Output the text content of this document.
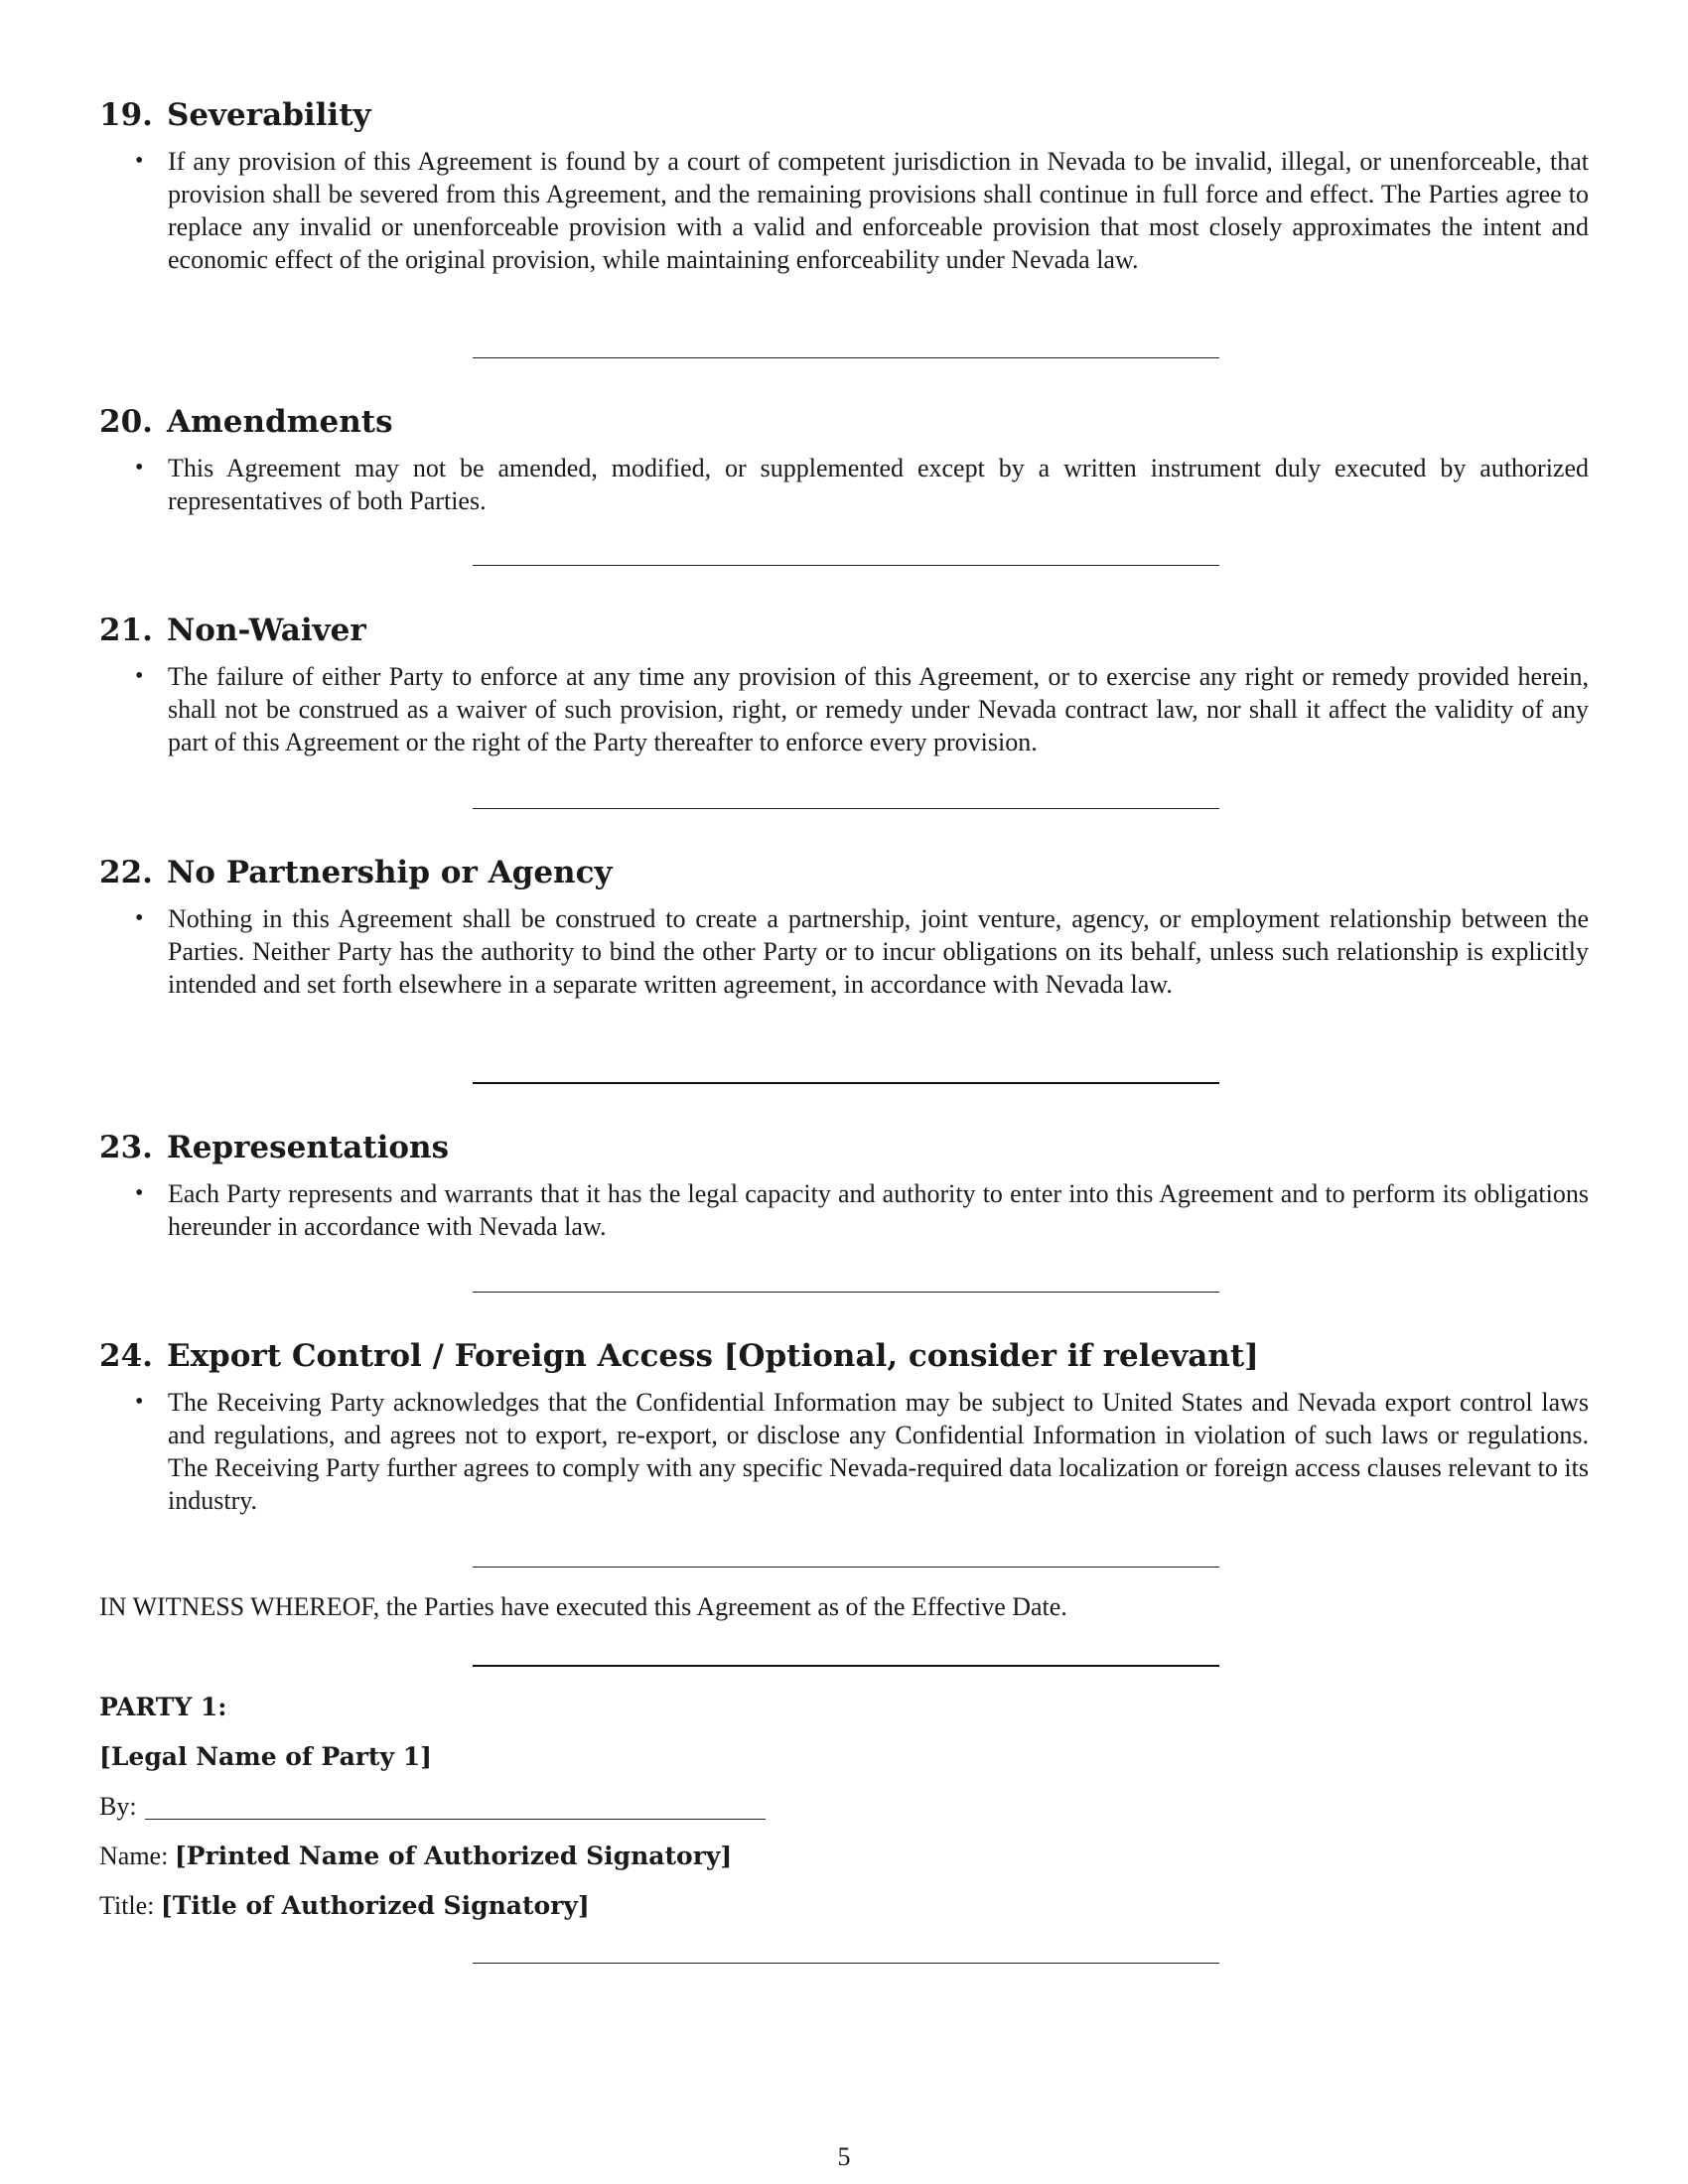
19. Severability
• If any provision of this Agreement is found by a court of competent jurisdiction in Nevada to be invalid, illegal, or unenforceable, that provision shall be severed from this Agreement, and the remaining provisions shall continue in full force and effect. The Parties agree to replace any invalid or unenforceable provision with a valid and enforceable provision that most closely approximates the intent and economic effect of the original provision, while maintaining enforceability under Nevada law.
20. Amendments
• This Agreement may not be amended, modified, or supplemented except by a written instrument duly executed by authorized representatives of both Parties.
21. Non-Waiver
• The failure of either Party to enforce at any time any provision of this Agreement, or to exercise any right or remedy provided herein, shall not be construed as a waiver of such provision, right, or remedy under Nevada contract law, nor shall it affect the validity of any part of this Agreement or the right of the Party thereafter to enforce every provision.
22. No Partnership or Agency
• Nothing in this Agreement shall be construed to create a partnership, joint venture, agency, or employment relationship between the Parties. Neither Party has the authority to bind the other Party or to incur obligations on its behalf, unless such relationship is explicitly intended and set forth elsewhere in a separate written agreement, in accordance with Nevada law.
23. Representations
• Each Party represents and warrants that it has the legal capacity and authority to enter into this Agreement and to perform its obligations hereunder in accordance with Nevada law.
24. Export Control / Foreign Access [Optional, consider if relevant]
• The Receiving Party acknowledges that the Confidential Information may be subject to United States and Nevada export control laws and regulations, and agrees not to export, re-export, or disclose any Confidential Information in violation of such laws or regulations. The Receiving Party further agrees to comply with any specific Nevada-required data localization or foreign access clauses relevant to its industry.
IN WITNESS WHEREOF, the Parties have executed this Agreement as of the Effective Date.
PARTY 1:
[Legal Name of Party 1]
By:
Name: [Printed Name of Authorized Signatory]
Title: [Title of Authorized Signatory]
5
